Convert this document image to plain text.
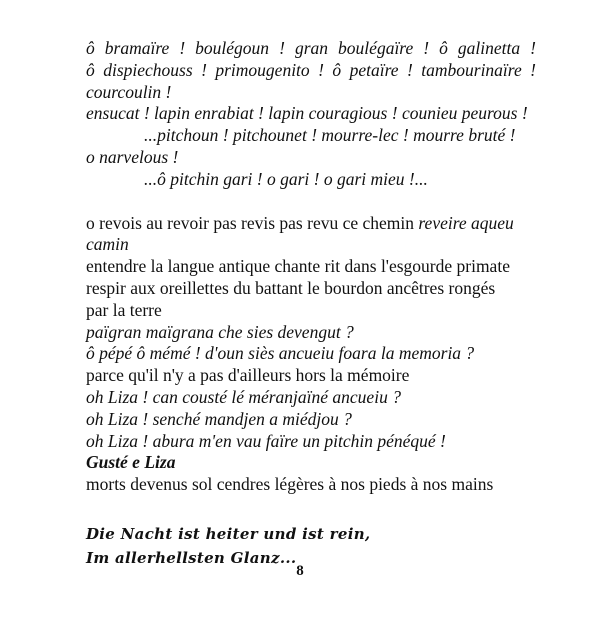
ô bramaïre ! boulégoun ! gran boulégaïre ! ô galinetta !
ô dispiechouss ! primougenito ! ô petaïre ! tambourinaïre !
courcoulin !
ensucat ! lapin enrabiat ! lapin couragious ! counieu peurous !
...pitchoun ! pitchounet ! mourre-lec ! mourre bruté !
o narvelous !
...ô pitchin gari ! o gari ! o gari mieu !...
o revois au revoir pas revis pas revu ce chemin reveire aqueu
camin
entendre la langue antique chante rit dans l'esgourde primate
respir aux oreillettes du battant le bourdon ancêtres rongés
par la terre
païgran maïgrana che sies devengut ?
ô pépé ô mémé ! d'oun siès ancueiu foara la memoria ?
parce qu'il n'y a pas d'ailleurs hors la mémoire
oh Liza ! can cousté lé méranjaïné ancueiu ?
oh Liza ! senché mandjen a miédjou ?
oh Liza ! abura m'en vau faïre un pitchin pénéqué !
Gusté e Liza
morts devenus sol cendres légères à nos pieds à nos mains
Die Nacht ist heiter und ist rein,
Im allerhellsten Glanz...
8
